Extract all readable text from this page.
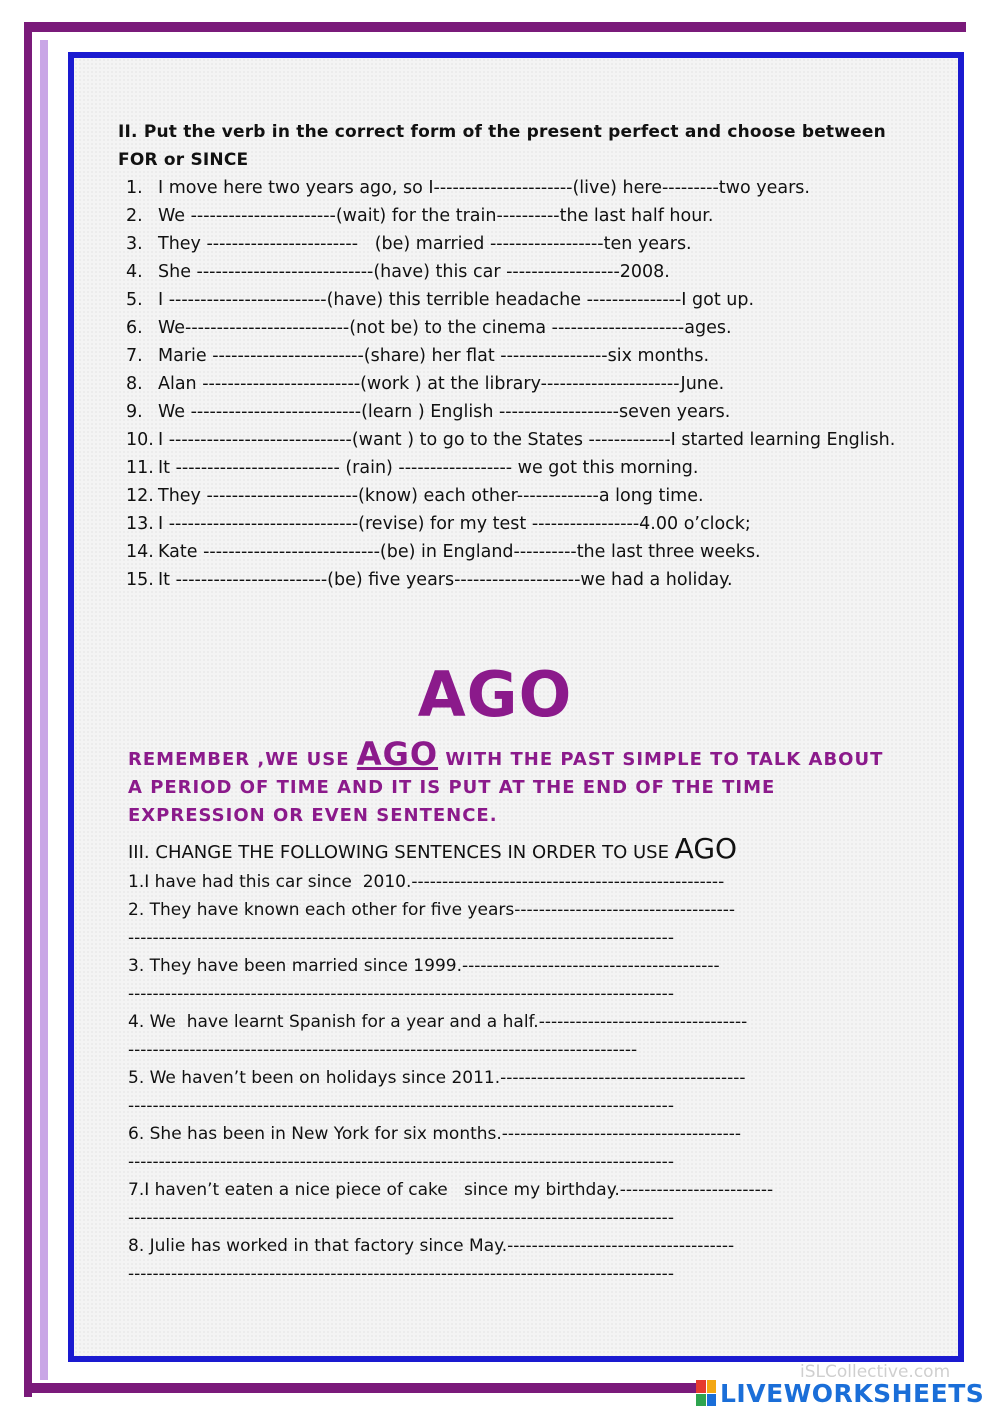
II. Put the verb in the correct form of the present perfect and choose between FOR or SINCE
1. I move here two years ago, so I----------------------(live) here---------two years.
2. We -----------------------(wait) for the train----------the last half hour.
3. They ------------------------   (be) married ------------------ten years.
4. She ----------------------------(have) this car ------------------2008.
5. I -------------------------(have) this terrible headache ---------------I got up.
6. We--------------------------(not be) to the cinema ---------------------ages.
7. Marie ------------------------(share) her flat -----------------six months.
8. Alan -------------------------(work ) at the library----------------------June.
9. We ---------------------------(learn ) English -------------------seven years.
10. I -----------------------------(want ) to go to the States -------------I started learning English.
11. It -------------------------- (rain) ------------------ we got this morning.
12. They ------------------------(know) each other-------------a long time.
13. I ------------------------------(revise) for my test -----------------4.00 o’clock;
14. Kate ----------------------------(be) in England----------the last three weeks.
15. It ------------------------(be) five years--------------------we had a holiday.
AGO
REMEMBER ,WE USE AGO WITH THE PAST SIMPLE TO TALK ABOUT A PERIOD OF TIME AND IT IS PUT AT THE END OF THE TIME EXPRESSION OR EVEN SENTENCE.
III. CHANGE THE FOLLOWING SENTENCES IN ORDER TO USE AGO
1.I have had this car since  2010.---------------------------------------------------
2. They have known each other for five years------------------------------------
-----------------------------------------------------------------------------------------
3. They have been married since 1999.------------------------------------------
-----------------------------------------------------------------------------------------
4. We  have learnt Spanish for a year and a half.----------------------------------
-----------------------------------------------------------------------------------
5. We haven’t been on holidays since 2011.----------------------------------------
-----------------------------------------------------------------------------------------
6. She has been in New York for six months.---------------------------------------
-----------------------------------------------------------------------------------------
7.I haven’t eaten a nice piece of cake   since my birthday.-------------------------
-----------------------------------------------------------------------------------------
8. Julie has worked in that factory since May.-------------------------------------
-----------------------------------------------------------------------------------------
iSLCollective.com
LIVEWORKSHEETS
